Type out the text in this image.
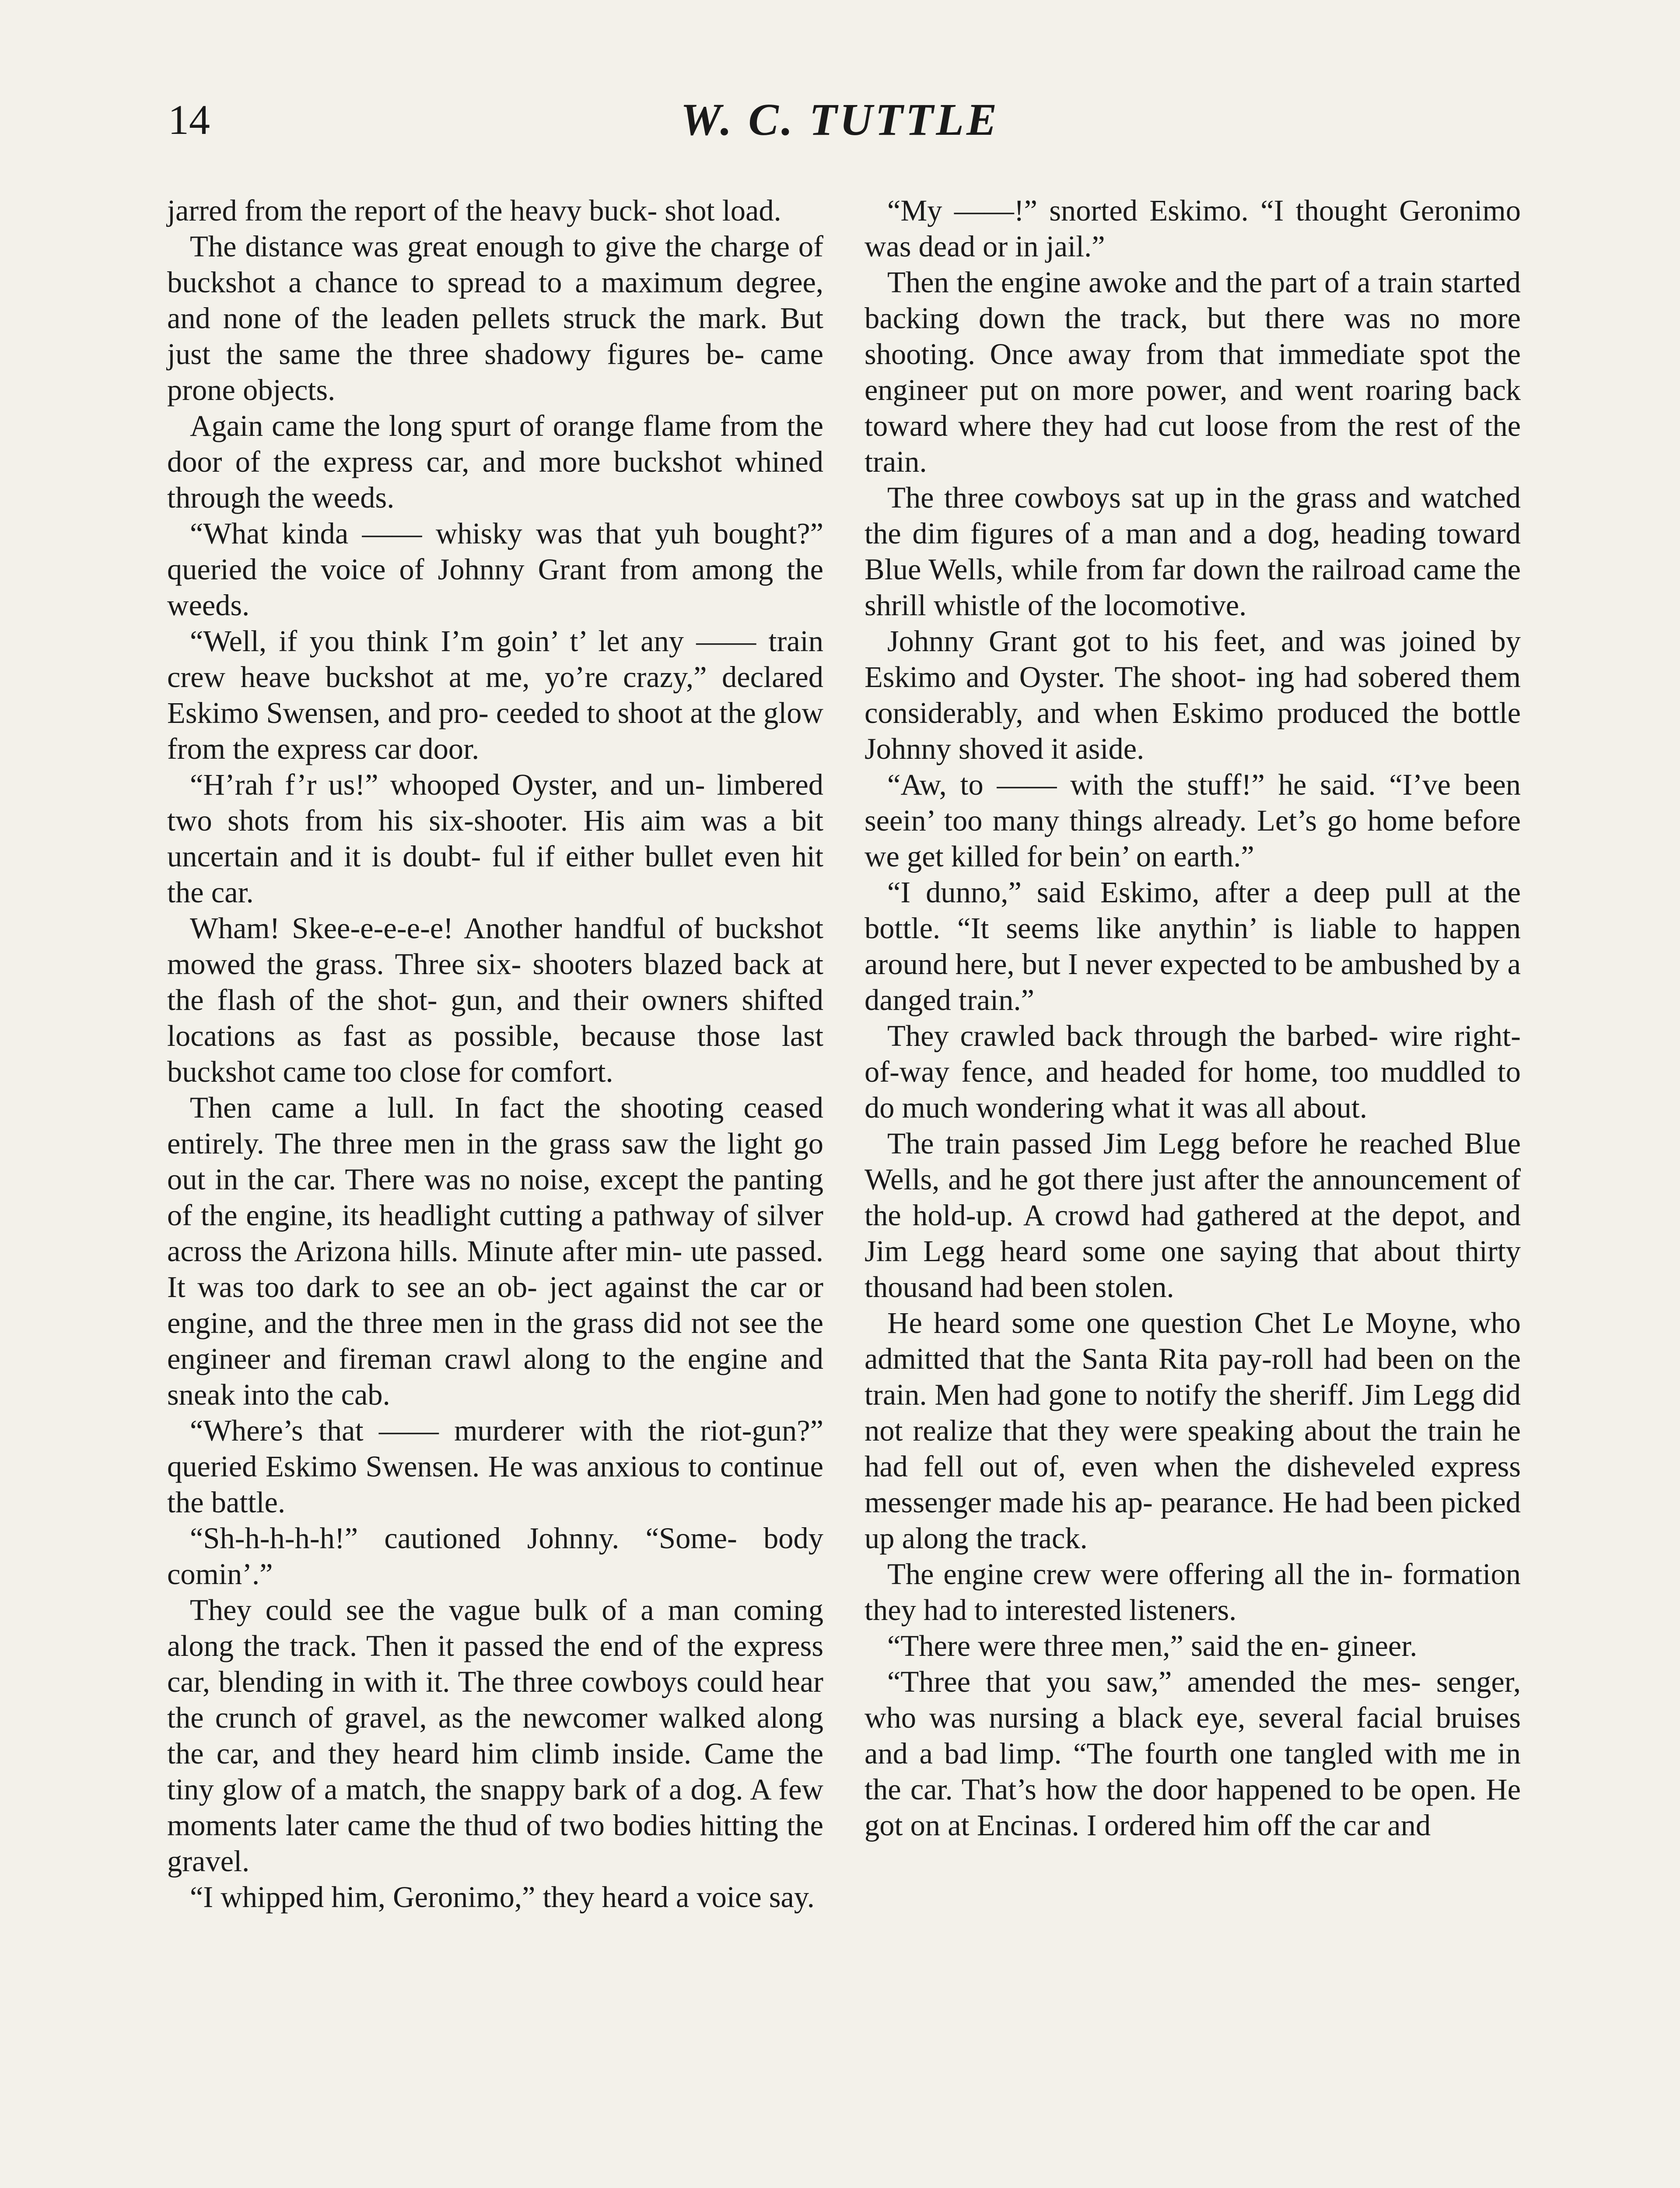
14	W. C. TUTTLE

jarred from the report of the heavy buck- shot load.

The distance was great enough to give the charge of buckshot a chance to spread to a maximum degree, and none of the leaden pellets struck the mark. But just the same the three shadowy figures be- came prone objects.

Again came the long spurt of orange flame from the door of the express car, and more buckshot whined through the weeds.

“What kinda —— whisky was that yuh bought?” queried the voice of Johnny Grant from among the weeds.

“Well, if you think I’m goin’ t’ let any —— train crew heave buckshot at me, yo’re crazy,” declared Eskimo Swensen, and pro- ceeded to shoot at the glow from the express car door.

“H’rah f’r us!” whooped Oyster, and un- limbered two shots from his six-shooter. His aim was a bit uncertain and it is doubt- ful if either bullet even hit the car.

Wham! Skee-e-e-e-e! Another handful of buckshot mowed the grass. Three six- shooters blazed back at the flash of the shot- gun, and their owners shifted locations as fast as possible, because those last buckshot came too close for comfort.

Then came a lull. In fact the shooting ceased entirely. The three men in the grass saw the light go out in the car. There was no noise, except the panting of the engine, its headlight cutting a pathway of silver across the Arizona hills. Minute after min- ute passed. It was too dark to see an ob- ject against the car or engine, and the three men in the grass did not see the engineer and fireman crawl along to the engine and sneak into the cab.

“Where’s that —— murderer with the riot-gun?” queried Eskimo Swensen. He was anxious to continue the battle.

“Sh-h-h-h-h!” cautioned Johnny. “Some- body comin’.”

They could see the vague bulk of a man coming along the track. Then it passed the end of the express car, blending in with it. The three cowboys could hear the crunch of gravel, as the newcomer walked along the car, and they heard him climb inside. Came the tiny glow of a match, the snappy bark of a dog. A few moments later came the thud of two bodies hitting the gravel.

“I whipped him, Geronimo,” they heard a voice say.

“My ——!” snorted Eskimo. “I thought Geronimo was dead or in jail.”

Then the engine awoke and the part of a train started backing down the track, but there was no more shooting. Once away from that immediate spot the engineer put on more power, and went roaring back toward where they had cut loose from the rest of the train.

The three cowboys sat up in the grass and watched the dim figures of a man and a dog, heading toward Blue Wells, while from far down the railroad came the shrill whistle of the locomotive.

Johnny Grant got to his feet, and was joined by Eskimo and Oyster. The shoot- ing had sobered them considerably, and when Eskimo produced the bottle Johnny shoved it aside.

“Aw, to —— with the stuff!” he said. “I’ve been seein’ too many things already. Let’s go home before we get killed for bein’ on earth.”

“I dunno,” said Eskimo, after a deep pull at the bottle. “It seems like anythin’ is liable to happen around here, but I never expected to be ambushed by a danged train.”

They crawled back through the barbed- wire right-of-way fence, and headed for home, too muddled to do much wondering what it was all about.

The train passed Jim Legg before he reached Blue Wells, and he got there just after the announcement of the hold-up. A crowd had gathered at the depot, and Jim Legg heard some one saying that about thirty thousand had been stolen.

He heard some one question Chet Le Moyne, who admitted that the Santa Rita pay-roll had been on the train. Men had gone to notify the sheriff. Jim Legg did not realize that they were speaking about the train he had fell out of, even when the disheveled express messenger made his ap- pearance. He had been picked up along the track.

The engine crew were offering all the in- formation they had to interested listeners.

“There were three men,” said the en- gineer.

“Three that you saw,” amended the mes- senger, who was nursing a black eye, several facial bruises and a bad limp. “The fourth one tangled with me in the car. That’s how the door happened to be open. He got on at Encinas. I ordered him off the car and
